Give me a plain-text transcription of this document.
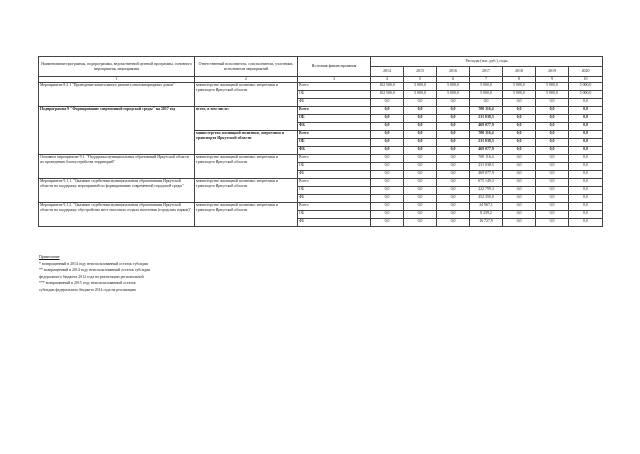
Наименование программы, подпрограммы, ведомственной целевой программы, основного мероприятия, мероприятия	Ответственный исполнитель, соисполнители, участники, исполнители мероприятий	Источник финансирования	Расходы (тыс. руб.), годы						
			2014	2015	2016	2017	2018	2019	2020
1	2	3	4	5	6	7	8	9	10
Мероприятие 8.2.1 "Проведение капитального ремонта многоквартирных домов"	министерство жилищной политики, энергетики и транспорта Иркутской области	Всего	102 500,0	5 000,0	5 000,0	5 000,0	5 000,0	5 000,0	5 000,0
		ОБ	102 500,0	5 000,0	5 000,0	5 000,0	5 000,0	5 000,0	5 000,0
		ФБ	0,0	0,0	0,0	0,0	0,0	0,0	0,0
Подпрограмма 9 "Формирование современной городской среды" на 2017 год	всего, в том числе:	Всего	0,0	0,0	0,0	700 116,4	0,0	0,0	0,0
		ОБ	0,0	0,0	0,0	231 038,5	0,0	0,0	0,0
		ФБ	0,0	0,0	0,0	469 077,9	0,0	0,0	0,0
	министерство жилищной политики, энергетики и транспорта Иркутской области	Всего	0,0	0,0	0,0	700 116,4	0,0	0,0	0,0
		ОБ	0,0	0,0	0,0	231 038,5	0,0	0,0	0,0
		ФБ	0,0	0,0	0,0	469 077,9	0,0	0,0	0,0
Основное мероприятие 9.1. "Поддержка муниципальных образований Иркутской области по проведению благоустройства территорий"	министерство жилищной политики, энергетики и транспорта Иркутской области	Всего	0,0	0,0	0,0	700 116,4	0,0	0,0	0,0
		ОБ	0,0	0,0	0,0	231 038,5	0,0	0,0	0,0
		ФБ	0,0	0,0	0,0	469 077,9	0,0	0,0	0,0
Мероприятие 9.1.1. "Оказание содействия муниципальным образованиям Иркутской области на поддержку мероприятий по формированию современной городской среды"	министерство жилищной политики, энергетики и транспорта Иркутской области	Всего	0,0	0,0	0,0	675 149,3	0,0	0,0	0,0
		ОБ	0,0	0,0	0,0	222 799,3	0,0	0,0	0,0
		ФБ	0,0	0,0	0,0	452 350,0	0,0	0,0	0,0
Мероприятие 9.1.2. "Оказание содействия муниципальным образованиям Иркутской области на поддержку обустройства мест массового отдыха населения (городских парков)"	министерство жилищной политики, энергетики и транспорта Иркутской области	Всего	0,0	0,0	0,0	24 967,1	0,0	0,0	0,0
		ОБ	0,0	0,0	0,0	8 239,2	0,0	0,0	0,0
		ФБ	0,0	0,0	0,0	16 727,9	0,0	0,0	0,0
Примечание
* возвращенный в 2014 году неиспользованный остаток субсидии
** возвращенный в 2014 году неиспользованный остаток субсидии
федерального бюджета 2012 года на реализацию региональной
*** возвращенный в 2015 году неиспользованный остаток
субсидии федерального бюджета 2014 года на реализацию
